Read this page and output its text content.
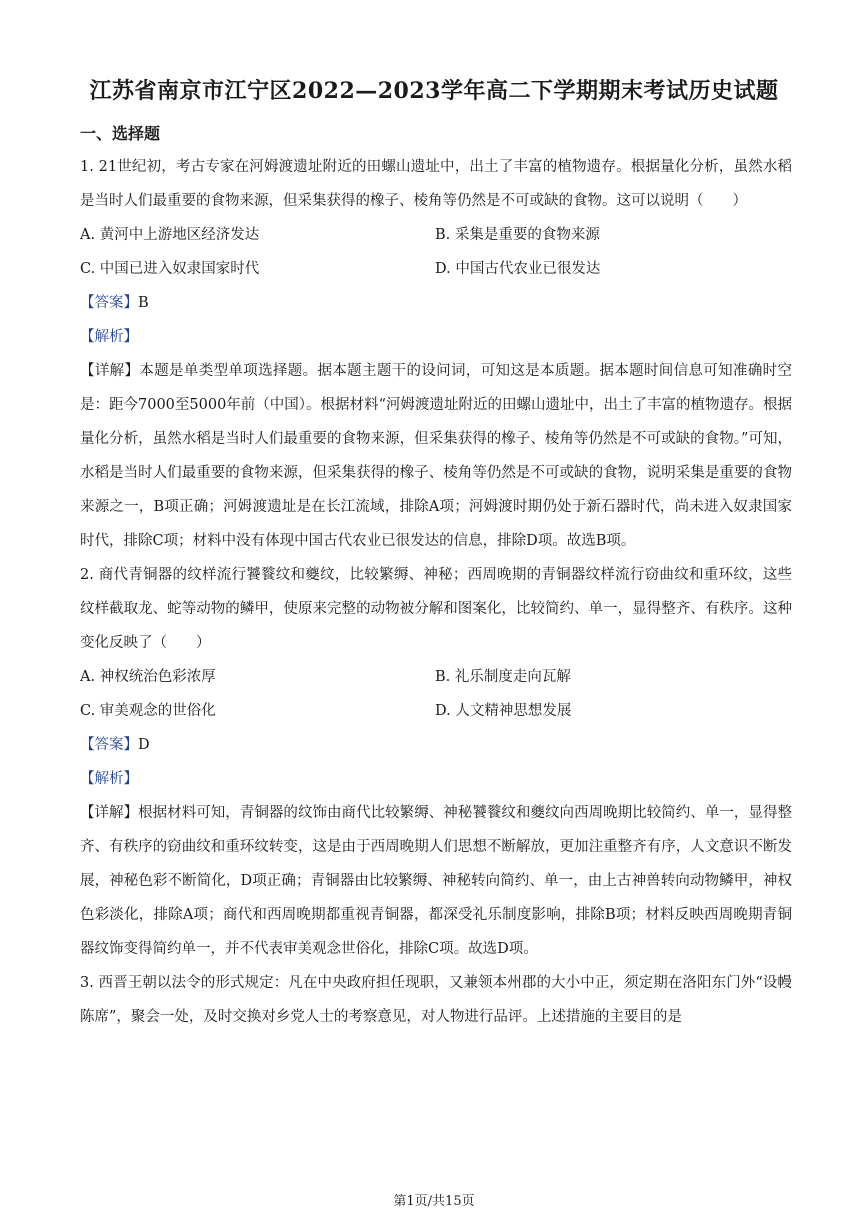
江苏省南京市江宁区2022—2023学年高二下学期期末考试历史试题
一、选择题

1. 21世纪初，考古专家在河姆渡遗址附近的田螺山遗址中，出土了丰富的植物遗存。根据量化分析，虽然水稻是当时人们最重要的食物来源，但采集获得的橡子、棱角等仍然是不可或缺的食物。这可以说明（　　）

A. 黄河中上游地区经济发达	B. 采集是重要的食物来源
C. 中国已进入奴隶国家时代	D. 中国古代农业已很发达

【答案】B

【解析】

【详解】本题是单类型单项选择题。据本题主题干的设问词，可知这是本质题。据本题时间信息可知准确时空是：距今7000至5000年前（中国）。根据材料“河姆渡遗址附近的田螺山遗址中，出土了丰富的植物遗存。根据量化分析，虽然水稻是当时人们最重要的食物来源，但采集获得的橡子、棱角等仍然是不可或缺的食物。”可知，水稻是当时人们最重要的食物来源，但采集获得的橡子、棱角等仍然是不可或缺的食物，说明采集是重要的食物来源之一，B项正确；河姆渡遗址是在长江流域，排除A项；河姆渡时期仍处于新石器时代，尚未进入奴隶国家时代，排除C项；材料中没有体现中国古代农业已很发达的信息，排除D项。故选B项。

2. 商代青铜器的纹样流行饕餮纹和夔纹，比较繁缛、神秘；西周晚期的青铜器纹样流行窃曲纹和重环纹，这些纹样截取龙、蛇等动物的鳞甲，使原来完整的动物被分解和图案化，比较简约、单一，显得整齐、有秩序。这种变化反映了（　　）

A. 神权统治色彩浓厚	B. 礼乐制度走向瓦解
C. 审美观念的世俗化	D. 人文精神思想发展

【答案】D

【解析】

【详解】根据材料可知，青铜器的纹饰由商代比较繁缛、神秘饕餮纹和夔纹向西周晚期比较简约、单一，显得整齐、有秩序的窃曲纹和重环纹转变，这是由于西周晚期人们思想不断解放，更加注重整齐有序，人文意识不断发展，神秘色彩不断简化，D项正确；青铜器由比较繁缛、神秘转向简约、单一，由上古神兽转向动物鳞甲，神权色彩淡化，排除A项；商代和西周晚期都重视青铜器，都深受礼乐制度影响，排除B项；材料反映西周晚期青铜器纹饰变得简约单一，并不代表审美观念世俗化，排除C项。故选D项。

3. 西晋王朝以法令的形式规定：凡在中央政府担任现职，又兼领本州郡的大小中正，须定期在洛阳东门外“设幔陈席”，聚会一处，及时交换对乡党人士的考察意见，对人物进行品评。上述措施的主要目的是

第1页/共15页
